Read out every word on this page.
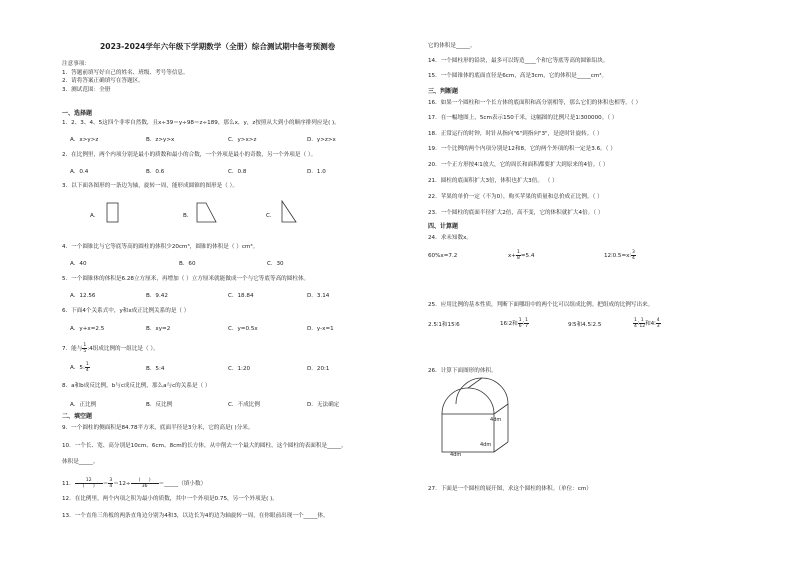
2023-2024学年六年级下学期数学（全册）综合测试期中备考预测卷
注意事项：
1．答题前填写好自己的姓名、班级、考号等信息。
2．请将答案正确填写在答题区。
3．测试范围：全册
一、选择题
1．2、3、4、5这四个非零自然数，且x÷39＝y÷98＝z÷189，那么x，y，z按照从大到小的顺序排列应是( )。
A．x>y>z	B．z>y>x	C．y>x>z	D．y>z>x
2．在比例里，两个内项分别是最小的质数和最小的合数，一个外项是最小的奇数，另一个外项是（ ）。
A．0.4	B．0.6	C．0.8	D．1.0
3．以下面各图形的一条边为轴，旋转一周，能形成圆锥的图形是（ ）。
A．	B．	C．
4．一个圆锥比与它等底等高的圆柱的体积少20cm³，圆锥的体积是（ ）cm³。
A．40	B．60	C．30
5．一个圆锥体的体积是6.28立方厘米，再增加（ ）立方厘米就能做成一个与它等底等高的圆柱体。
A．12.56	B．9.42	C．18.84	D．3.14
6．下面4个关系式中，y和x成正比例关系的是（ ）
A．y+x=2.5	B．xy=2	C．y=0.5x	D．y-x=1
7．能与 $\frac{1}{5}$ :4组成比例的一组比是（ ）。
A．5: $\frac{1}{4}$	B．5:4	C．1:20	D．20:1
8．a和b成反比例，b与c成反比例，那么a与c的关系是（ ）
A．正比例	B．反比例	C．不成比例	D．无法确定
二、填空题
9．一个圆柱的侧面积是84.78平方米，底面半径是3分米，它的高是( )分米。
10．一个长、宽、高分别是10cm、6cm、8cm的长方体，从中削去一个最大的圆柱，这个圆柱的表面积是_____，
体积是_____。
11． $\frac{12}{( )} = \frac{3}{4} =12\div \frac{( )}{36}$ ＝_____（填小数）
12．在比例里，两个内项之积为最小的质数，其中一个外项是0.75，另一个外项是( )。
13．一个直角三角板的两条直角边分别为4和3，以边长为4的边为轴旋转一周，在你眼前出现一个_____体，
它的体积是_____。
14．一个圆柱形的铅块，最多可以铸造____个和它等底等高的圆锥铅块。
15．一个圆锥体的底面直径是6cm，高是3cm，它的体积是_____cm³。
三、判断题
16．如果一个圆柱和一个长方体的底面积和高分别相等，那么它们的体积也相等。（ ）
17．在一幅地图上，5cm表示150千米，这幅图的比例尺是1∶300000。（ ）
18．正常运行的时钟，时针从指向"6"到指向"3"，是逆时针旋转。（ ）
19．一个比例的两个内项分别是12和8，它的两个外项的积一定是3.6。（ ）
20．一个正方形按4∶1放大，它的周长和面积都要扩大到原来的4倍。（ ）
21．圆柱的底面积扩大3倍，体积也扩大3倍。 （ ）
22．苹果的单价一定（不为0），购买苹果的质量和总价成正比例。（ ）
23．一个圆柱的底面半径扩大2倍，高不变，它的体积就扩大4倍。（ ）
四、计算题
24．求未知数x。
60%x=7.2	$x+ \frac{1}{8} =5.4$	12∶0.5=x∶ $\frac{3}{4}$
25．应用比例的基本性质，判断下面哪组中的两个比可以组成比例。把组成的比例写出来。
2.5∶1和15∶6	16∶2和 $\frac{1}{6}$ ∶ $\frac{1}{7}$	9∶5和4.5∶2.5	$\frac{1}{4}$ ∶ $\frac{1}{12}$ 和4∶ $\frac{4}{3}$
26．计算下面图形的体积。
4dm
4dm
4dm
27．下面是一个圆柱的展开图，求这个圆柱的体积。（单位：cm）
